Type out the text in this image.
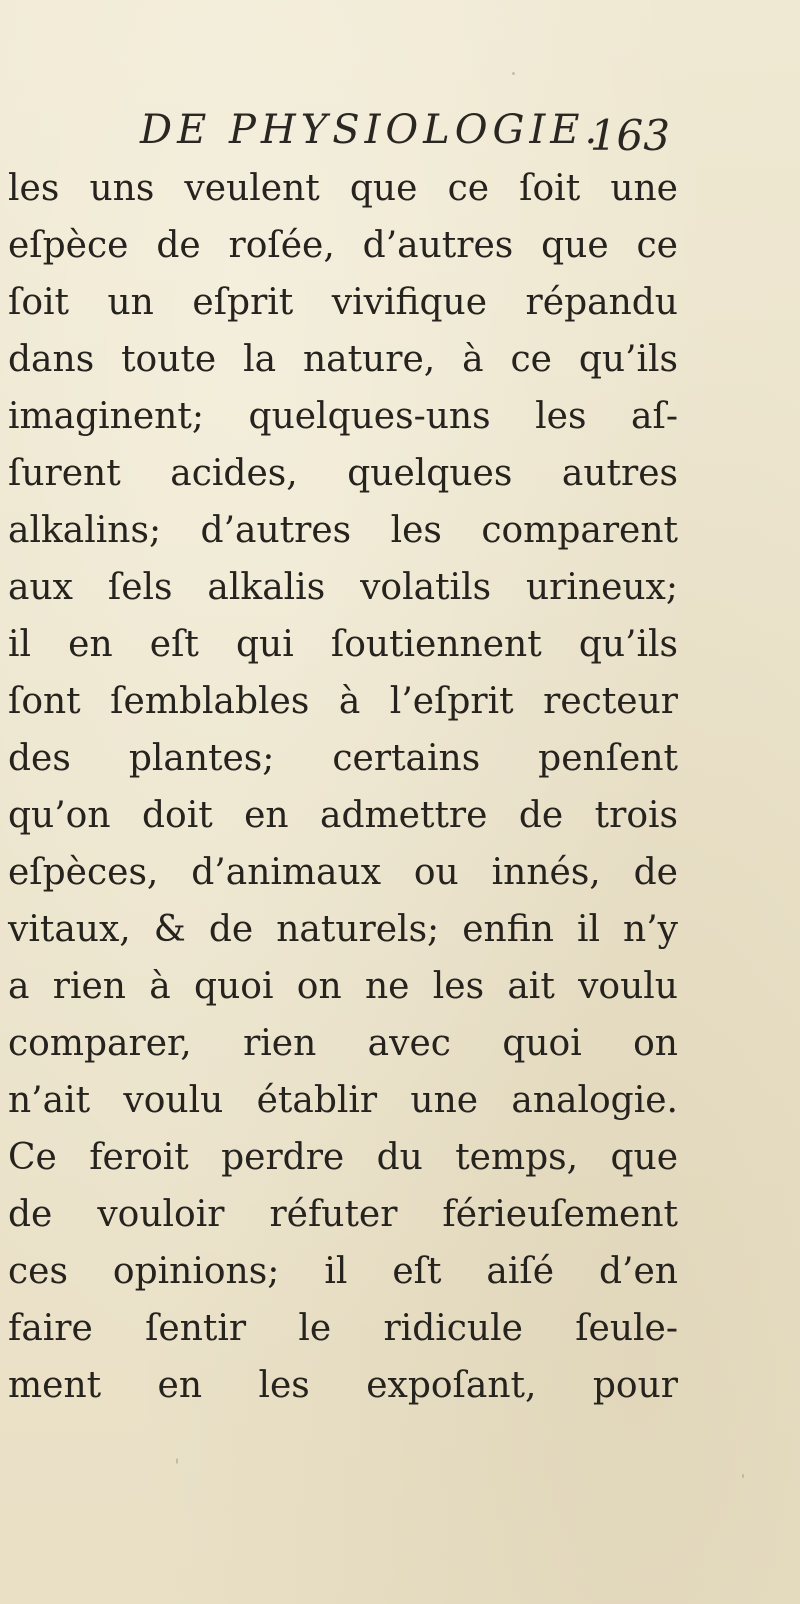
DE PHYSIOLOGIE.
163
les uns veulent que ce ſoit une
eſpèce de roſée, d’autres que ce
ſoit un eſprit vivifique répandu
dans toute la nature, à ce qu’ils
imaginent; quelques-uns les aſ-
ſurent acides, quelques autres
alkalins; d’autres les comparent
aux ſels alkalis volatils urineux;
il en eſt qui ſoutiennent qu’ils
ſont ſemblables à l’eſprit recteur
des plantes; certains penſent
qu’on doit en admettre de trois
eſpèces, d’animaux ou innés, de
vitaux, & de naturels; enfin il n’y
a rien à quoi on ne les ait voulu
comparer, rien avec quoi on
n’ait voulu établir une analogie.
Ce feroit perdre du temps, que
de vouloir réfuter férieuſement
ces opinions; il eſt aiſé d’en
faire ſentir le ridicule ſeule-
ment en les expoſant, pour
